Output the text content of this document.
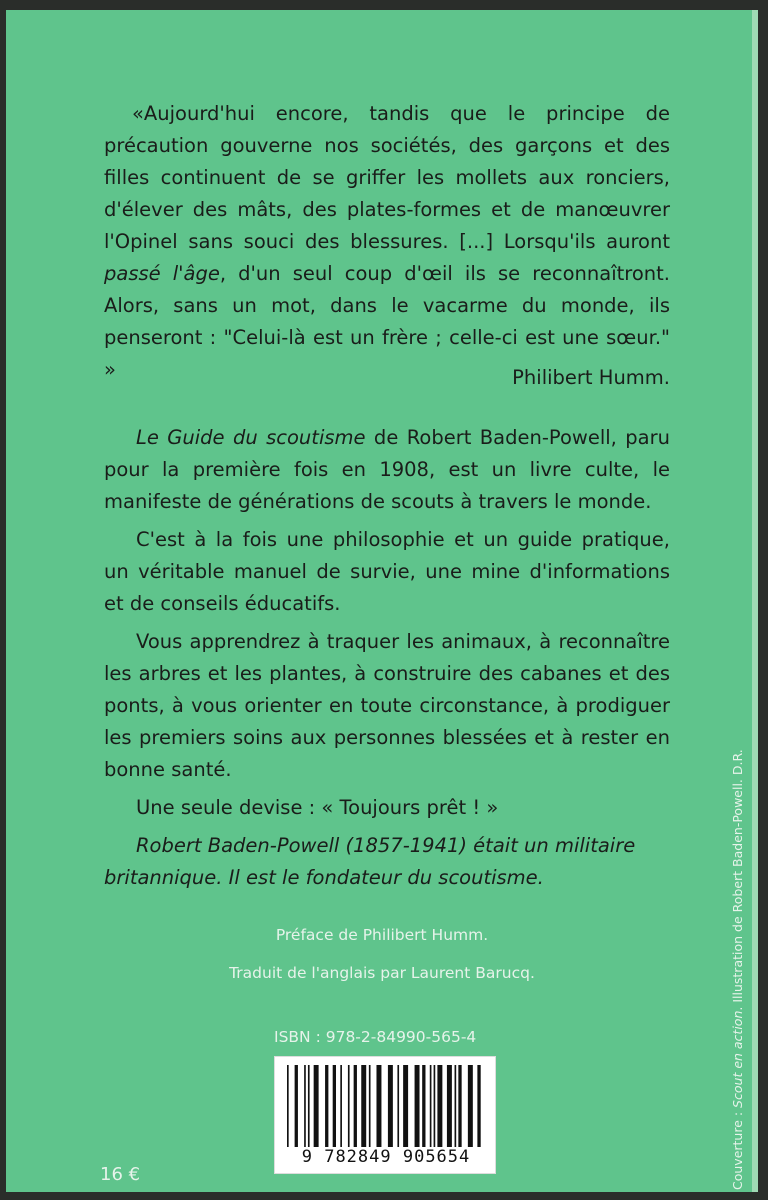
«Aujourd'hui encore, tandis que le principe de précaution gouverne nos sociétés, des garçons et des filles continuent de se griffer les mollets aux ronciers, d'élever des mâts, des plates-formes et de manœuvrer l'Opinel sans souci des blessures. [...] Lorsqu'ils auront passé l'âge, d'un seul coup d'œil ils se reconnaîtront. Alors, sans un mot, dans le vacarme du monde, ils penseront : "Celui-là est un frère ; celle-ci est une sœur." »	Philibert Humm.

Le Guide du scoutisme de Robert Baden-Powell, paru pour la première fois en 1908, est un livre culte, le manifeste de générations de scouts à travers le monde.

C'est à la fois une philosophie et un guide pratique, un véritable manuel de survie, une mine d'informations et de conseils éducatifs.

Vous apprendrez à traquer les animaux, à reconnaître les arbres et les plantes, à construire des cabanes et des ponts, à vous orienter en toute circonstance, à prodiguer les premiers soins aux personnes blessées et à rester en bonne santé.

Une seule devise : « Toujours prêt ! »

Robert Baden-Powell (1857-1941) était un militaire britannique. Il est le fondateur du scoutisme.
Préface de Philibert Humm.
Traduit de l'anglais par Laurent Barucq.
ISBN : 978-2-84990-565-4
9 782849 905654
16 €	Couverture : Scout en action. Illustration de Robert Baden-Powell. D.R.
